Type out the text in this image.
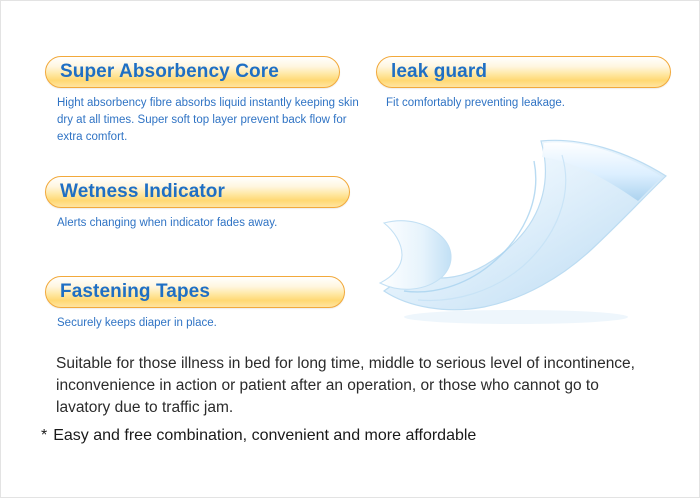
Super Absorbency Core
Hight absorbency fibre absorbs liquid instantly keeping skin dry at all times. Super soft top layer prevent back flow for extra comfort.
Wetness Indicator
Alerts changing when indicator fades away.
Fastening Tapes
Securely keeps diaper in place.
leak guard
Fit comfortably preventing leakage.
Suitable for those illness in bed for long time, middle to serious level of incontinence, inconvenience in action or patient after an operation, or those who cannot go to lavatory due to traffic jam.
* Easy and free combination, convenient and more affordable
